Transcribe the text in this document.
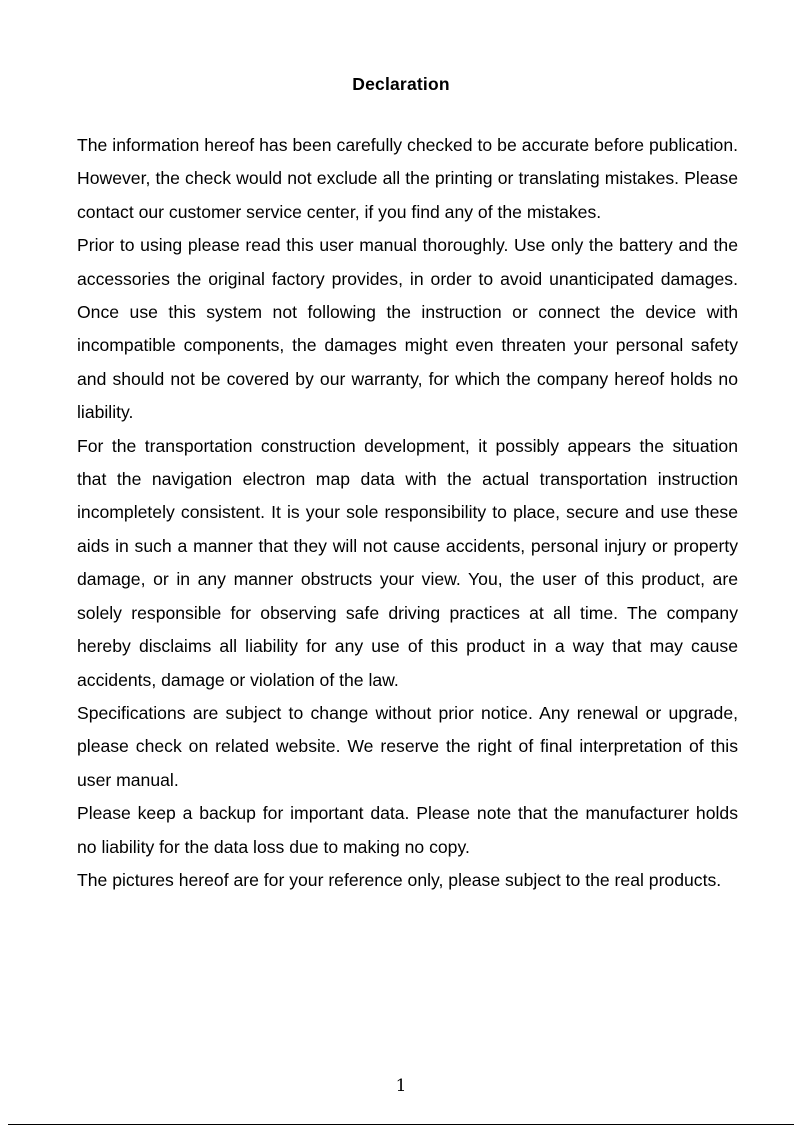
Declaration

The information hereof has been carefully checked to be accurate before publication. However, the check would not exclude all the printing or translating mistakes. Please contact our customer service center, if you find any of the mistakes.

Prior to using please read this user manual thoroughly. Use only the battery and the accessories the original factory provides, in order to avoid unanticipated damages. Once use this system not following the instruction or connect the device with incompatible components, the damages might even threaten your personal safety and should not be covered by our warranty, for which the company hereof holds no liability.

For the transportation construction development, it possibly appears the situation that the navigation electron map data with the actual transportation instruction incompletely consistent. It is your sole responsibility to place, secure and use these aids in such a manner that they will not cause accidents, personal injury or property damage, or in any manner obstructs your view. You, the user of this product, are solely responsible for observing safe driving practices at all time. The company hereby disclaims all liability for any use of this product in a way that may cause accidents, damage or violation of the law.

Specifications are subject to change without prior notice. Any renewal or upgrade, please check on related website. We reserve the right of final interpretation of this user manual.

Please keep a backup for important data. Please note that the manufacturer holds no liability for the data loss due to making no copy.

The pictures hereof are for your reference only, please subject to the real products.

1
